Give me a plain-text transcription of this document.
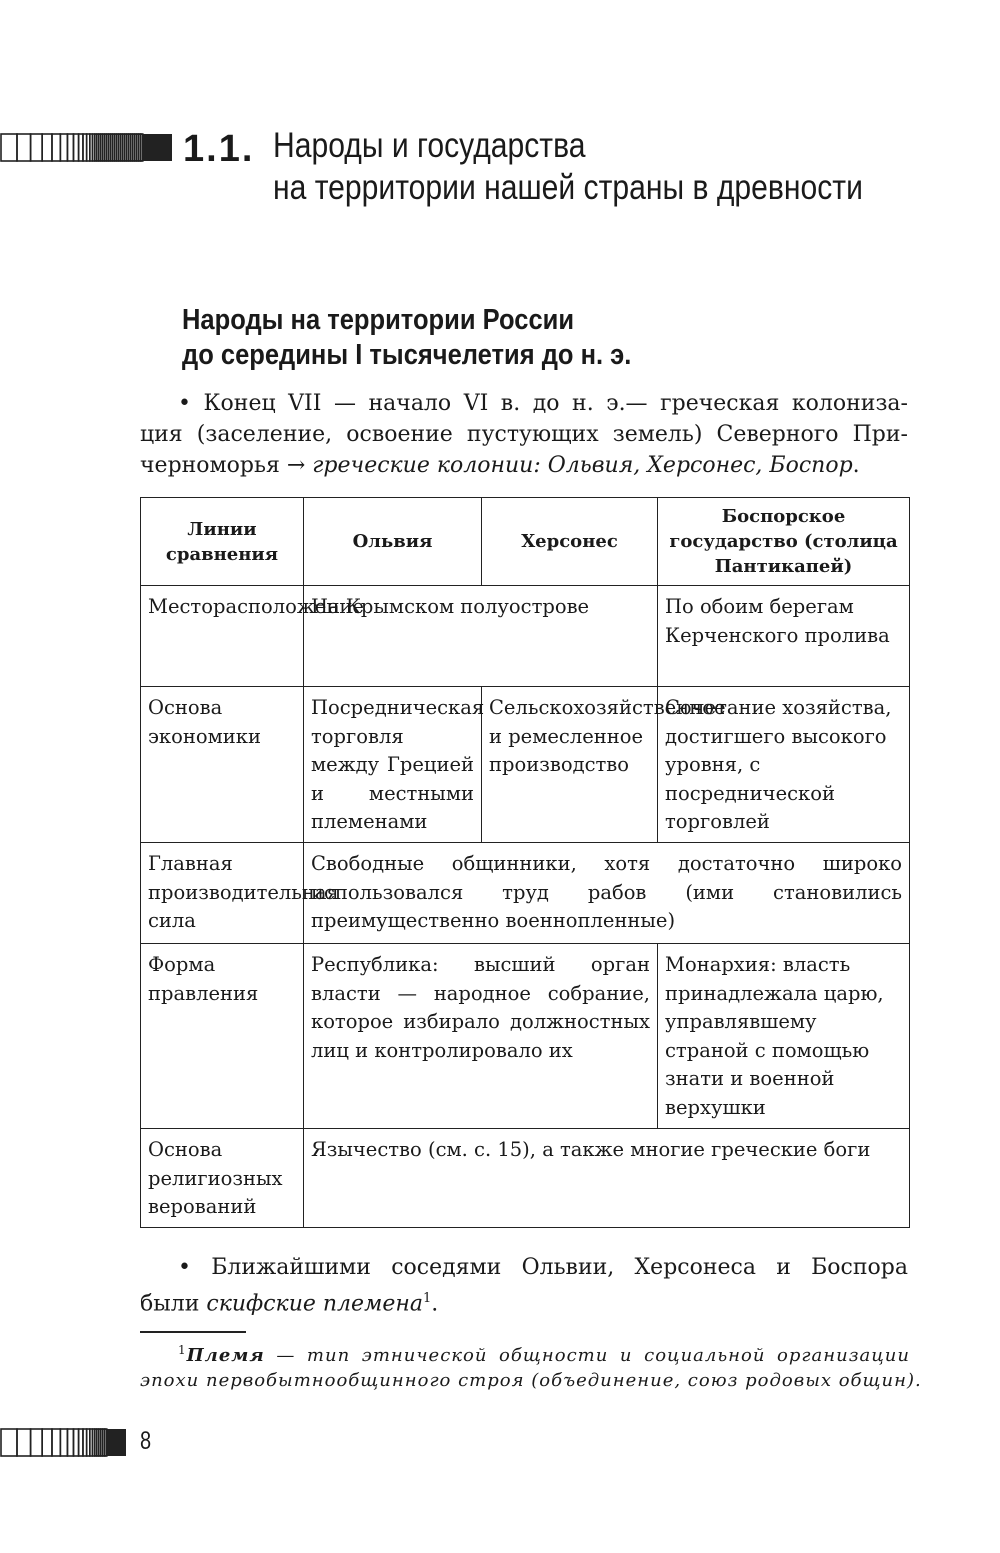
1.1. Народы и государства
на территории нашей страны в древности
Народы на территории России
до середины I тысячелетия до н. э.
• Конец VII — начало VI в. до н. э.— греческая колониза-
ция (заселение, освоение пустующих земель) Северного При-
черноморья → греческие колонии: Ольвия, Херсонес, Боспор.
Линии сравнения	Ольвия	Херсонес	Боспорское государство (столица Пантикапей)
Месторасположение	На Крымском полуострове		По обоим берегам Керченского пролива
Основа экономики	Посредническая торговля между Грецией и местными племенами	Сельскохозяйственное и ремесленное производство	Сочетание хозяйства, достигшего высокого уровня, с посреднической торговлей
Главная производительная сила	Свободные общинники, хотя достаточно широко использовался труд рабов (ими становились преимущественно военнопленные)		
Форма правления	Республика: высший орган власти — народное собрание, которое избирало должностных лиц и контролировало их		Монархия: власть принадлежала царю, управлявшему страной с помощью знати и военной верхушки
Основа религиозных верований	Язычество (см. с. 15), а также многие греческие боги		
• Ближайшими соседями Ольвии, Херсонеса и Боспора
были скифские племена$^1$.
$^1$Племя — тип этнической общности и социальной организации
эпохи первобытнообщинного строя (объединение, союз родовых общин).
8
